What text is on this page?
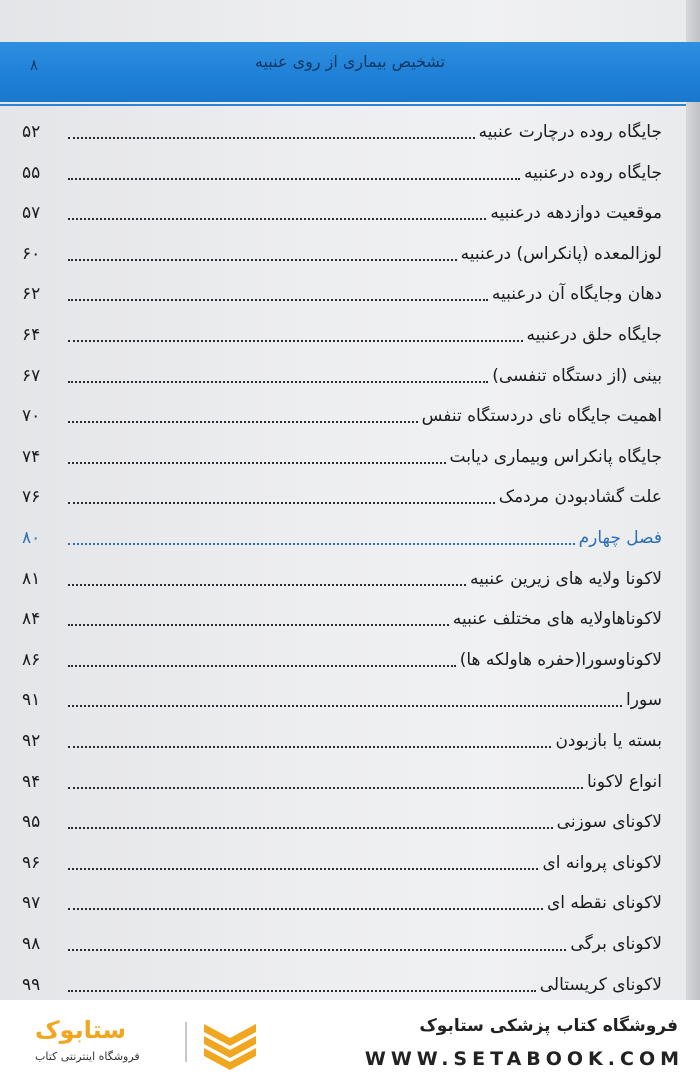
تشخیص بیماری از روی عنبیه
۸
جایگاه روده درچارت عنبیه
۵۲
جایگاه روده درعنبیه
۵۵
موقعیت دوازدهه درعنبیه
۵۷
لوزالمعده (پانکراس) درعنبیه
۶۰
دهان وجایگاه آن درعنبیه
۶۲
جایگاه حلق درعنبیه
۶۴
بینی (از دستگاه تنفسی)
۶۷
اهمیت جایگاه نای دردستگاه تنفس
۷۰
جایگاه پانکراس وبیماری دیابت
۷۴
علت گشادبودن مردمک
۷۶
فصل چهارم
۸۰
لاکونا ولایه های زیرین عنبیه
۸۱
لاکوناهاولایه های مختلف عنبیه
۸۴
لاکوناوسورا(حفره هاولکه ها)
۸۶
سورا
۹۱
بسته یا بازبودن
۹۲
انواع لاکونا
۹۴
لاکونای سوزنی
۹۵
لاکونای پروانه ای
۹۶
لاکونای نقطه ای
۹۷
لاکونای برگی
۹۸
لاکونای کریستالی
۹۹
ستابوک
فروشگاه اینترنتی کتاب
فروشگاه کتاب پزشکی ستابوک
WWW.SETABOOK.COM
